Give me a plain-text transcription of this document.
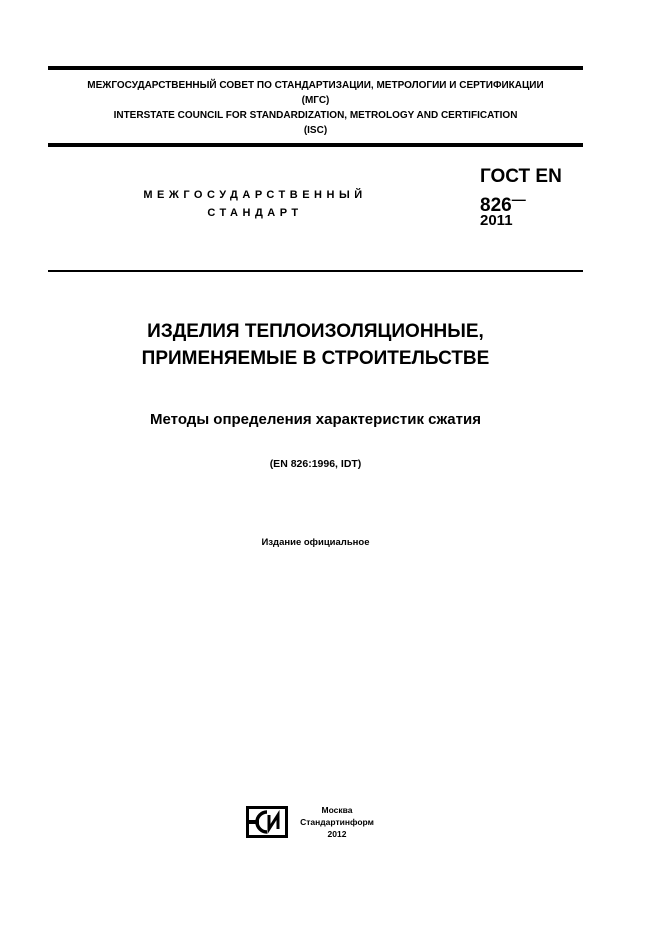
МЕЖГОСУДАРСТВЕННЫЙ СОВЕТ ПО СТАНДАРТИЗАЦИИ, МЕТРОЛОГИИ И СЕРТИФИКАЦИИ
(МГС)
INTERSTATE COUNCIL FOR STANDARDIZATION, METROLOGY AND CERTIFICATION
(ISC)
МЕЖГОСУДАРСТВЕННЫЙ
СТАНДАРТ
ГОСТ EN
826—
2011
ИЗДЕЛИЯ ТЕПЛОИЗОЛЯЦИОННЫЕ,
ПРИМЕНЯЕМЫЕ В СТРОИТЕЛЬСТВЕ
Методы определения характеристик сжатия
(EN 826:1996, IDT)
Издание официальное
Москва
Стандартинформ
2012
